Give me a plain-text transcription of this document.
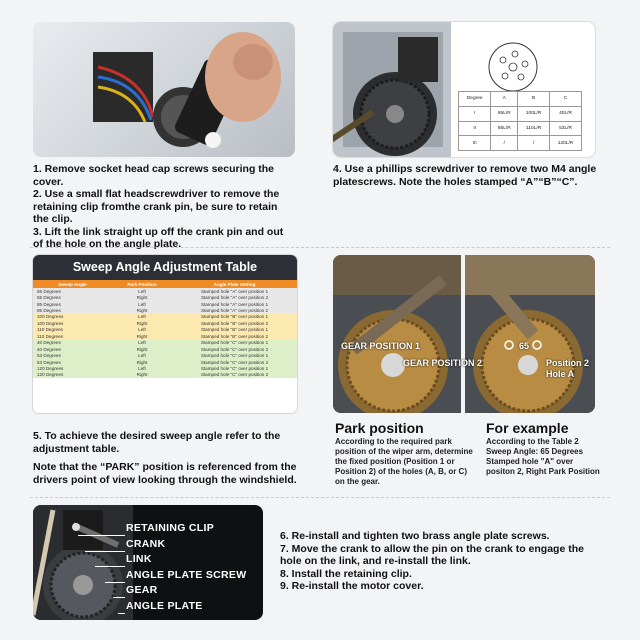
Degree	A	B	C
I	65L/R	100L/R	40L/R
II	85L/R	110L/R	53L/R
III	/	/	120L/R

1. Remove socket head cap screws securing the cover.

2. Use a small flat headscrewdriver to remove the retaining clip fromthe crank pin, be sure to retain the clip.

3. Lift the link straight up off the crank pin and out of the hole on the angle plate.

4. Use a phillips screwdriver to remove two M4 angle platescrews. Note the holes stamped “A”“B”“C”.

Sweep Angle Adjustment Table
Sweep Angle	Park Position	Angle Plate Setting
65 Degrees	Left	Stamped hole "A" over position 1
65 Degrees	Right	Stamped hole "A" over position 2
85 Degrees	Left	Stamped hole "A" over position 1
85 Degrees	Right	Stamped hole "A" over position 2
100 Degrees	Left	Stamped hole "B" over position 1
100 Degrees	Right	Stamped hole "B" over position 2
110 Degrees	Left	Stamped hole "B" over position 1
110 Degrees	Right	Stamped hole "B" over position 2
40 Degrees	Left	Stamped hole "C" over position 1
40 Degrees	Right	Stamped hole "C" over position 2
53 Degrees	Left	Stamped hole "C" over position 1
53 Degrees	Right	Stamped hole "C" over position 2
120 Degrees	Left	Stamped hole "C" over position 1
120 Degrees	Right	Stamped hole "C" over position 2
GEAR POSITION 1
GEAR POSITION 2
65
Position 2
Hole A

5. To achieve the desired sweep angle refer to the adjustment table.

Note that the “PARK” position is referenced from the drivers point of view looking through the windshield.

Park position

According to the required park position of the wiper arm, determine the fixed position (Position 1 or Position 2) of the holes (A, B, or C) on the gear.

For example

According to the Table 2 Sweep Angle: 65 Degrees Stamped hole "A" over positon 2, Right Park Position

RETAINING CLIP
CRANK
LINK
ANGLE PLATE SCREW
GEAR
ANGLE PLATE

6. Re-install and tighten two brass angle plate screws.

7. Move the crank to allow the pin on the crank to engage the hole on the link, and re-install the link.

8. Install the retaining clip.

9. Re-install the motor cover.
